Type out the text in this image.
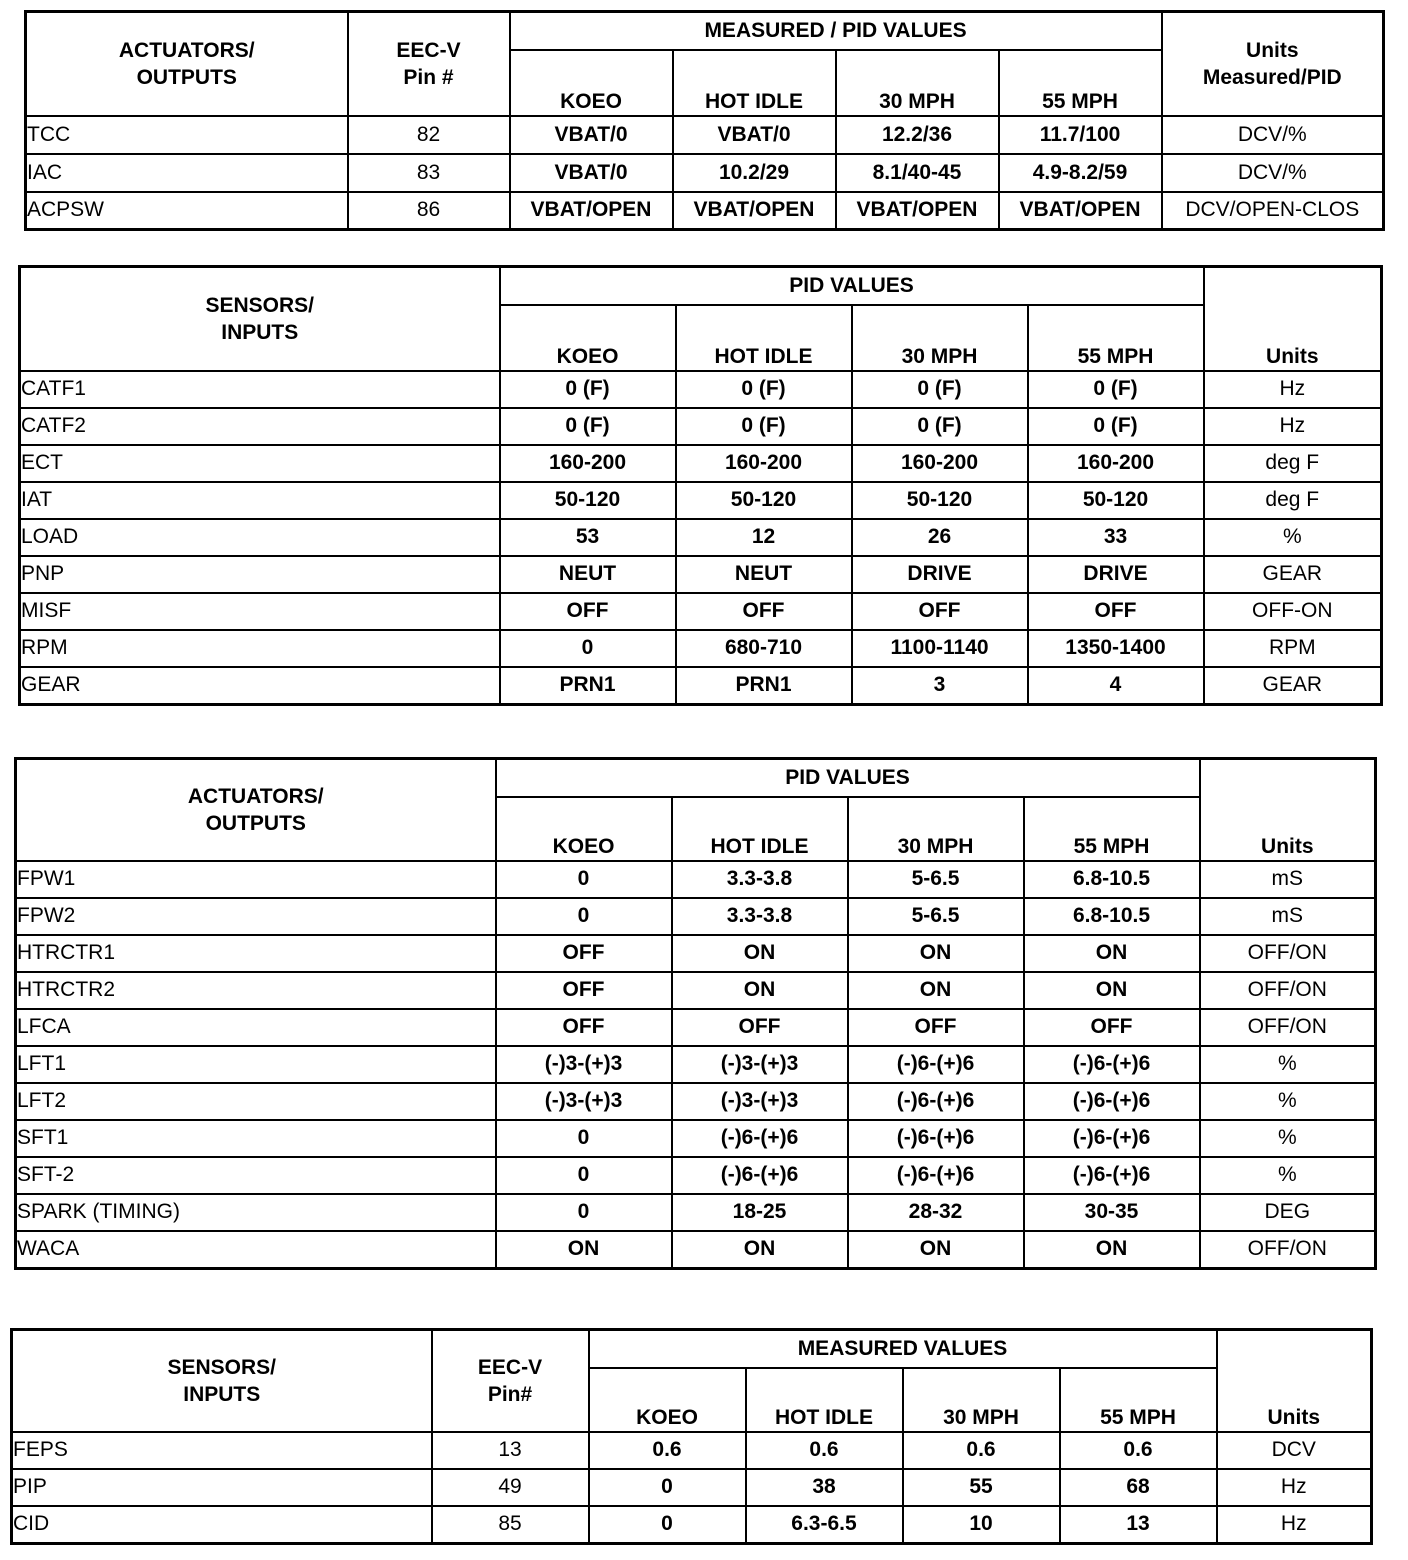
ACTUATORS/
OUTPUTS	EEC-V
Pin #	MEASURED / PID VALUES				Units
Measured/PID

		KOEO	HOT IDLE	30 MPH	55 MPH	
TCC	82	VBAT/0	VBAT/0	12.2/36	11.7/100	DCV/%
IAC	83	VBAT/0	10.2/29	8.1/40-45	4.9-8.2/59	DCV/%
ACPSW	86	VBAT/OPEN	VBAT/OPEN	VBAT/OPEN	VBAT/OPEN	DCV/OPEN-CLOS
SENSORS/
INPUTS	PID VALUES				Units
	KOEO	HOT IDLE	30 MPH	55 MPH	
CATF1	0 (F)	0 (F)	0 (F)	0 (F)	Hz
CATF2	0 (F)	0 (F)	0 (F)	0 (F)	Hz
ECT	160-200	160-200	160-200	160-200	deg F
IAT	50-120	50-120	50-120	50-120	deg F
LOAD	53	12	26	33	%
PNP	NEUT	NEUT	DRIVE	DRIVE	GEAR
MISF	OFF	OFF	OFF	OFF	OFF-ON
RPM	0	680-710	1100-1140	1350-1400	RPM
GEAR	PRN1	PRN1	3	4	GEAR
ACTUATORS/
OUTPUTS	PID VALUES				Units
	KOEO	HOT IDLE	30 MPH	55 MPH	
FPW1	0	3.3-3.8	5-6.5	6.8-10.5	mS
FPW2	0	3.3-3.8	5-6.5	6.8-10.5	mS
HTRCTR1	OFF	ON	ON	ON	OFF/ON
HTRCTR2	OFF	ON	ON	ON	OFF/ON
LFCA	OFF	OFF	OFF	OFF	OFF/ON
LFT1	(-)3-(+)3	(-)3-(+)3	(-)6-(+)6	(-)6-(+)6	%
LFT2	(-)3-(+)3	(-)3-(+)3	(-)6-(+)6	(-)6-(+)6	%
SFT1	0	(-)6-(+)6	(-)6-(+)6	(-)6-(+)6	%
SFT-2	0	(-)6-(+)6	(-)6-(+)6	(-)6-(+)6	%
SPARK (TIMING)	0	18-25	28-32	30-35	DEG
WACA	ON	ON	ON	ON	OFF/ON
SENSORS/
INPUTS	EEC-V
Pin#	MEASURED VALUES				Units
		KOEO	HOT IDLE	30 MPH	55 MPH	
FEPS	13	0.6	0.6	0.6	0.6	DCV
PIP	49	0	38	55	68	Hz
CID	85	0	6.3-6.5	10	13	Hz
